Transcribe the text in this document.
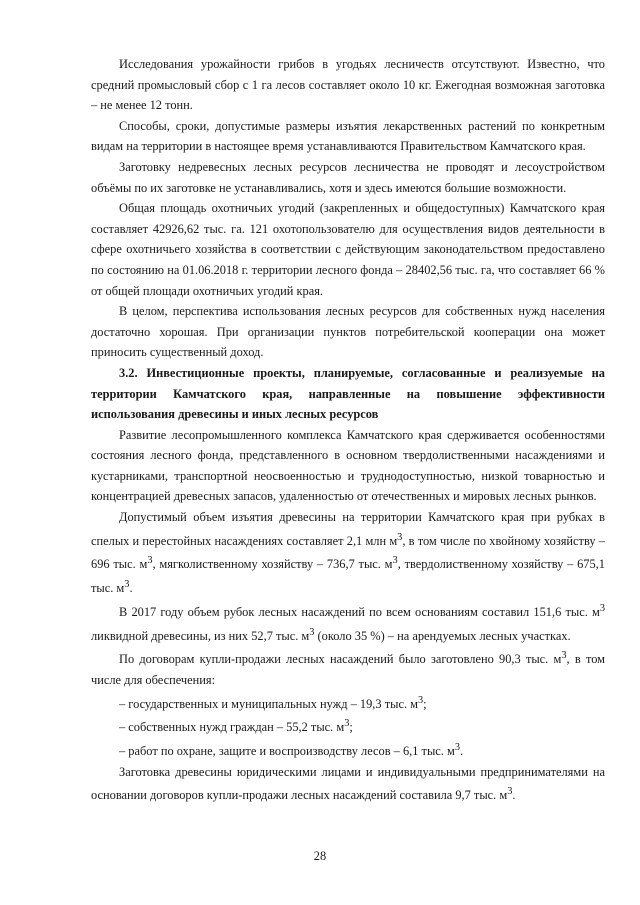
Исследования урожайности грибов в угодьях лесничеств отсутствуют. Известно, что средний промысловый сбор с 1 га лесов составляет около 10 кг. Ежегодная возможная заготовка – не менее 12 тонн.

Способы, сроки, допустимые размеры изъятия лекарственных растений по конкретным видам на территории в настоящее время устанавливаются Правительством Камчатского края.

Заготовку недревесных лесных ресурсов лесничества не проводят и лесоустройством объёмы по их заготовке не устанавливались, хотя и здесь имеются большие возможности.

Общая площадь охотничьих угодий (закрепленных и общедоступных) Камчатского края составляет 42926,62 тыс. га. 121 охотопользователю для осуществления видов деятельности в сфере охотничьего хозяйства в соответствии с действующим законодательством предоставлено по состоянию на 01.06.2018 г. территории лесного фонда – 28402,56 тыс. га, что составляет 66 % от общей площади охотничьих угодий края.

В целом, перспектива использования лесных ресурсов для собственных нужд населения достаточно хорошая. При организации пунктов потребительской кооперации она может приносить существенный доход.

3.2. Инвестиционные проекты, планируемые, согласованные и реализуемые на территории Камчатского края, направленные на повышение эффективности использования древесины и иных лесных ресурсов

Развитие лесопромышленного комплекса Камчатского края сдерживается особенностями состояния лесного фонда, представленного в основном твердолиственными насаждениями и кустарниками, транспортной неосвоенностью и труднодоступностью, низкой товарностью и концентрацией древесных запасов, удаленностью от отечественных и мировых лесных рынков.

Допустимый объем изъятия древесины на территории Камчатского края при рубках в спелых и перестойных насаждениях составляет 2,1 млн $м^3$, в том числе по хвойному хозяйству – 696 тыс. $м^3$, мягколиственному хозяйству – 736,7 тыс. $м^3$, твердолиственному хозяйству – 675,1 тыс. $м^3$.

В 2017 году объем рубок лесных насаждений по всем основаниям составил 151,6 тыс. $м^3$ ликвидной древесины, из них 52,7 тыс. $м^3$ (около 35 %) – на арендуемых лесных участках.

По договорам купли-продажи лесных насаждений было заготовлено 90,3 тыс. $м^3$, в том числе для обеспечения:

– государственных и муниципальных нужд – 19,3 тыс. $м^3$;

– собственных нужд граждан – 55,2 тыс. $м^3$;

– работ по охране, защите и воспроизводству лесов – 6,1 тыс. $м^3$.

Заготовка древесины юридическими лицами и индивидуальными предпринимателями на основании договоров купли-продажи лесных насаждений составила 9,7 тыс. $м^3$.

28
